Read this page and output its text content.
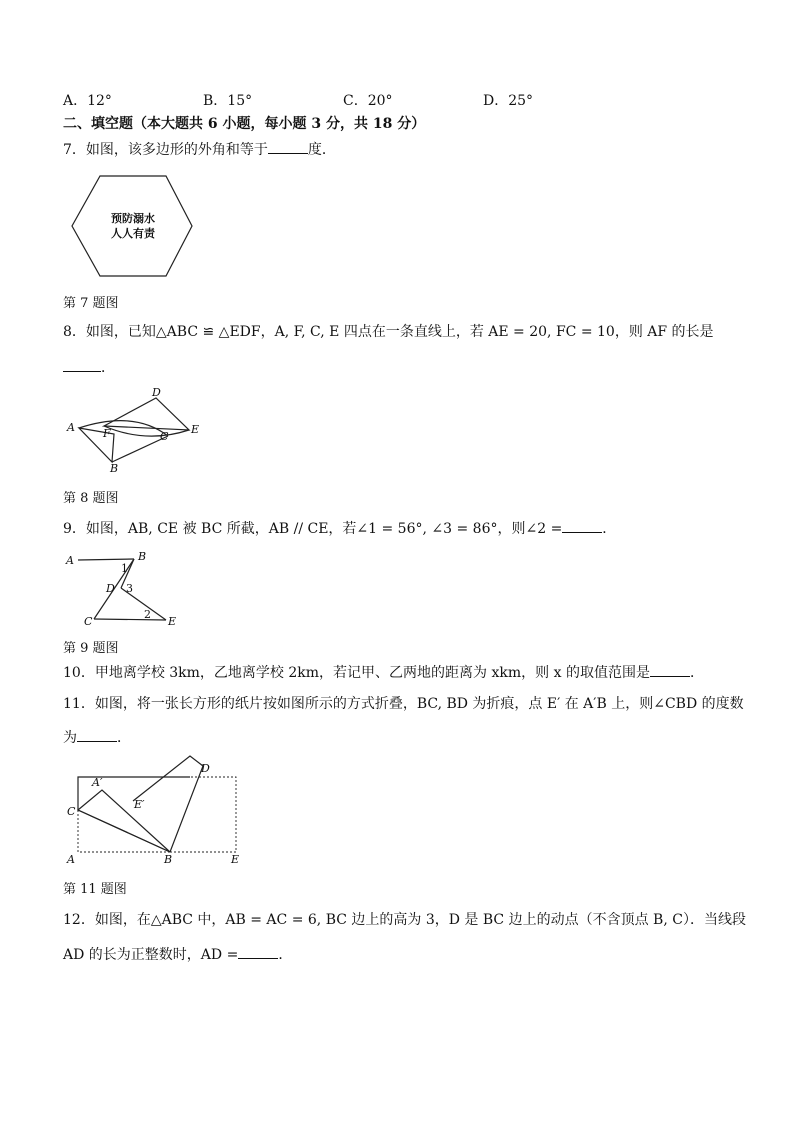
A．12°	B．15°	C．20°	D．25°
二、填空题（本大题共 6 小题，每小题 3 分，共 18 分）
7．如图，该多边形的外角和等于	度．
预防溺水
人人有责
第 7 题图
8．如图，已知△ABC ≌ △EDF，A, F, C, E 四点在一条直线上，若 AE = 20, FC = 10，则 AF 的长是
．
A	F
D
C
E
B
第 8 题图
9．如图，AB, CE 被 BC 所截，AB // CE，若∠1 = 56°, ∠3 = 86°，则∠2 =	．
A	B
1
D 3
C
2
E
第 9 题图
10．甲地离学校 3km，乙地离学校 2km，若记甲、乙两地的距离为 xkm，则 x 的取值范围是	．
11．如图，将一张长方形的纸片按如图所示的方式折叠，BC, BD 为折痕，点 E′ 在 A′B 上，则∠CBD 的度数
为	．
A′
D
E′
C
A	B	E
第 11 题图
12．如图，在△ABC 中，AB = AC = 6, BC 边上的高为 3，D 是 BC 边上的动点（不含顶点 B, C）．当线段
AD 的长为正整数时，AD =	．
